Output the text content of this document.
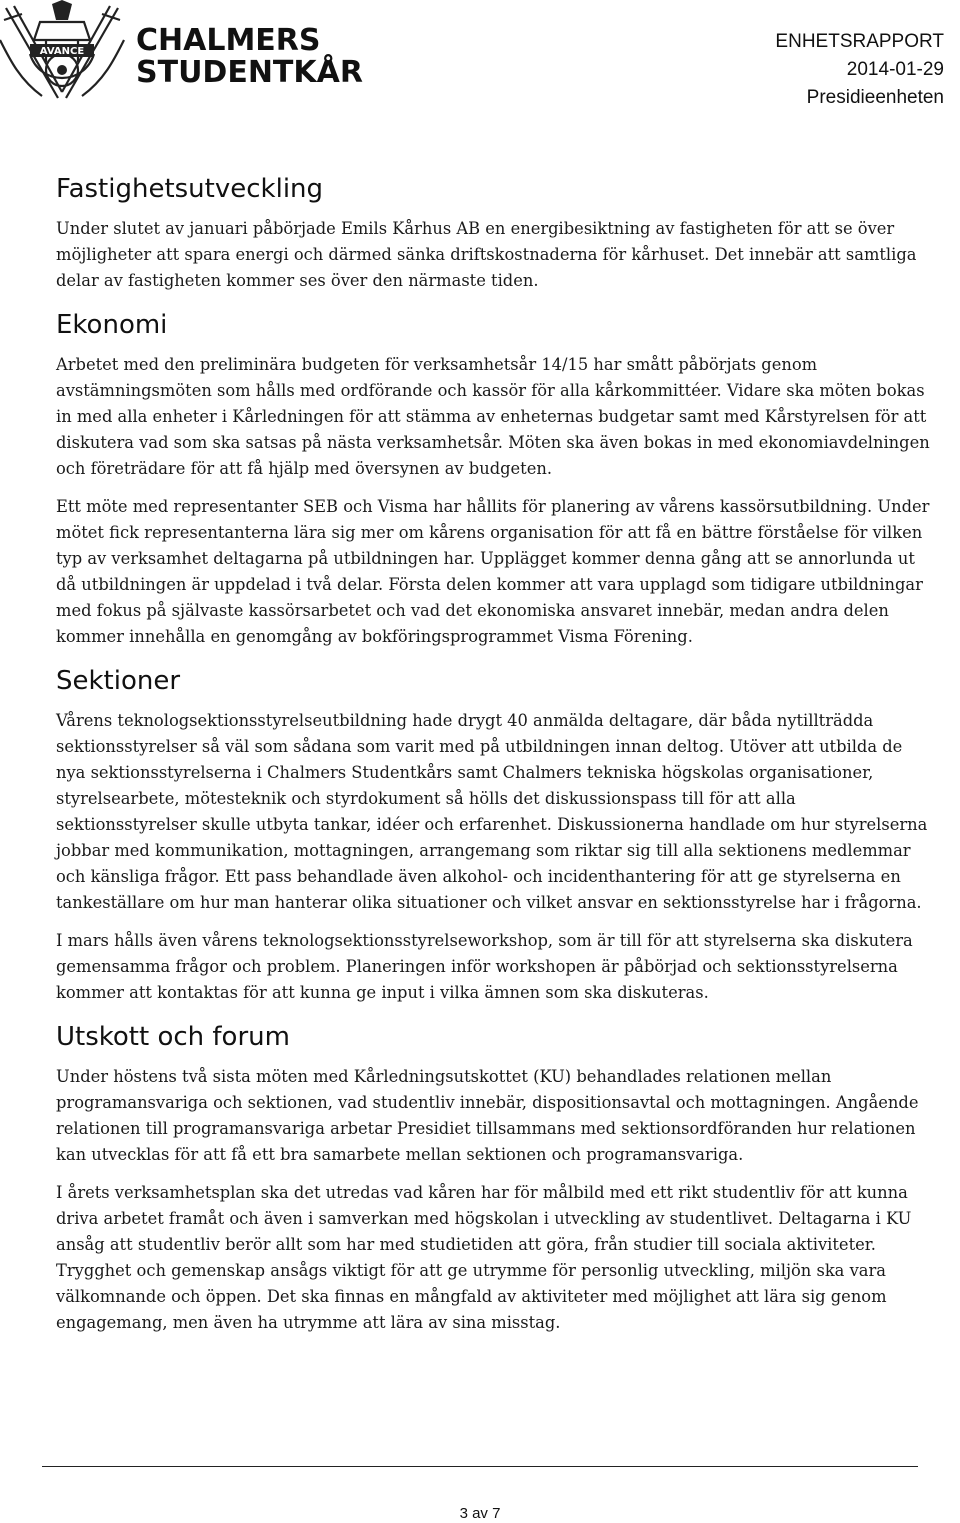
AVANCE CHALMERS
STUDENTKÅR
ENHETSRAPPORT
2014-01-29
Presidieenheten
Fastighetsutveckling

Under slutet av januari påbörjade Emils Kårhus AB en energibesiktning av fastigheten för att se över möjligheter att spara energi och därmed sänka driftskostnaderna för kårhuset. Det innebär att samtliga delar av fastigheten kommer ses över den närmaste tiden.

Ekonomi

Arbetet med den preliminära budgeten för verksamhetsår 14/15 har smått påbörjats genom avstämningsmöten som hålls med ordförande och kassör för alla kårkommittéer. Vidare ska möten bokas in med alla enheter i Kårledningen för att stämma av enheternas budgetar samt med Kårstyrelsen för att diskutera vad som ska satsas på nästa verksamhetsår. Möten ska även bokas in med ekonomiavdelningen och företrädare för att få hjälp med översynen av budgeten.

Ett möte med representanter SEB och Visma har hållits för planering av vårens kassörsutbildning. Under mötet fick representanterna lära sig mer om kårens organisation för att få en bättre förståelse för vilken typ av verksamhet deltagarna på utbildningen har. Upplägget kommer denna gång att se annorlunda ut då utbildningen är uppdelad i två delar. Första delen kommer att vara upplagd som tidigare utbildningar med fokus på självaste kassörsarbetet och vad det ekonomiska ansvaret innebär, medan andra delen kommer innehålla en genomgång av bokföringsprogrammet Visma Förening.

Sektioner

Vårens teknologsektionsstyrelseutbildning hade drygt 40 anmälda deltagare, där båda nytillträdda sektionsstyrelser så väl som sådana som varit med på utbildningen innan deltog. Utöver att utbilda de nya sektionsstyrelserna i Chalmers Studentkårs samt Chalmers tekniska högskolas organisationer, styrelsearbete, mötesteknik och styrdokument så hölls det diskussionspass till för att alla sektionsstyrelser skulle utbyta tankar, idéer och erfarenhet. Diskussionerna handlade om hur styrelserna jobbar med kommunikation, mottagningen, arrangemang som riktar sig till alla sektionens medlemmar och känsliga frågor. Ett pass behandlade även alkohol- och incidenthantering för att ge styrelserna en tankeställare om hur man hanterar olika situationer och vilket ansvar en sektionsstyrelse har i frågorna.

I mars hålls även vårens teknologsektionsstyrelseworkshop, som är till för att styrelserna ska diskutera gemensamma frågor och problem. Planeringen inför workshopen är påbörjad och sektionsstyrelserna kommer att kontaktas för att kunna ge input i vilka ämnen som ska diskuteras.

Utskott och forum

Under höstens två sista möten med Kårledningsutskottet (KU) behandlades relationen mellan programansvariga och sektionen, vad studentliv innebär, dispositionsavtal och mottagningen. Angående relationen till programansvariga arbetar Presidiet tillsammans med sektionsordföranden hur relationen kan utvecklas för att få ett bra samarbete mellan sektionen och programansvariga.

I årets verksamhetsplan ska det utredas vad kåren har för målbild med ett rikt studentliv för att kunna driva arbetet framåt och även i samverkan med högskolan i utveckling av studentlivet. Deltagarna i KU ansåg att studentliv berör allt som har med studietiden att göra, från studier till sociala aktiviteter. Trygghet och gemenskap ansågs viktigt för att ge utrymme för personlig utveckling, miljön ska vara välkomnande och öppen. Det ska finnas en mångfald av aktiviteter med möjlighet att lära sig genom engagemang, men även ha utrymme att lära av sina misstag.

3 av 7
